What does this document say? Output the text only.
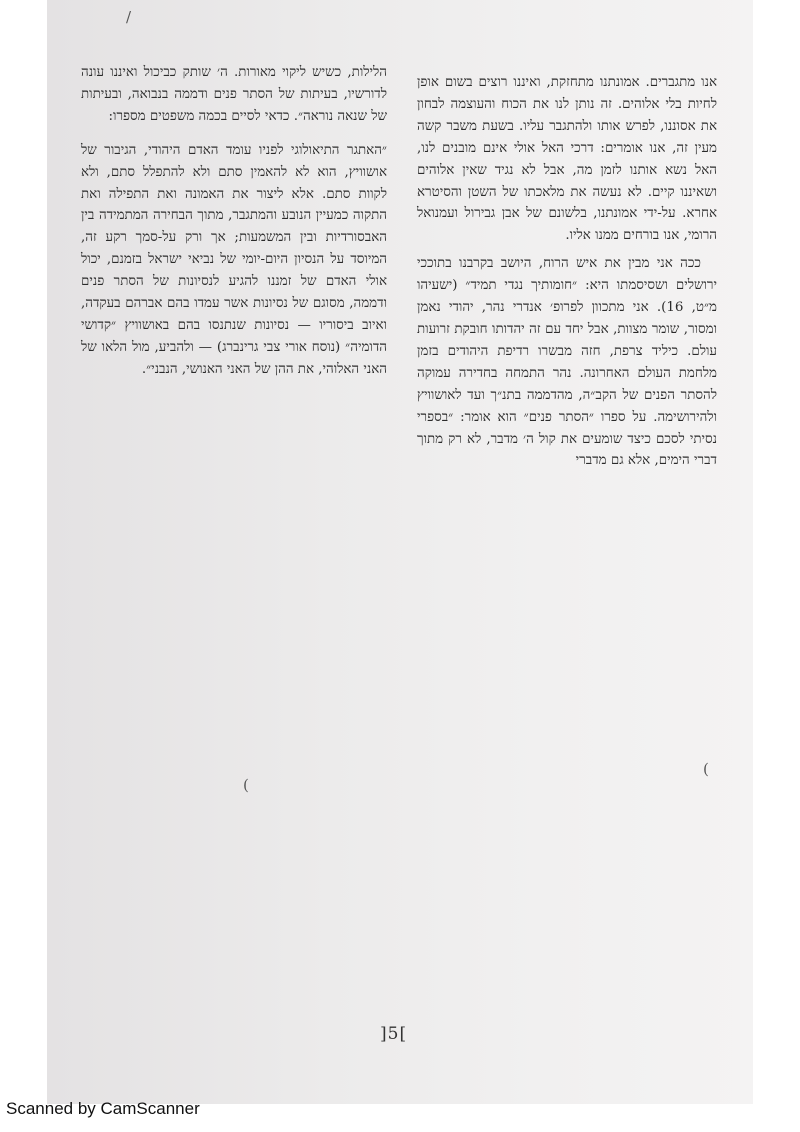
אנו מתגברים. אמונתנו מתחזקת, ואיננו רוצים בשום אופן לחיות בלי אלוהים. זה נותן לנו את הכוח והעוצמה לבחון את אסוננו, לפרש אותו ולהתגבר עליו. בשעת משבר קשה מעין זה, אנו אומרים: דרכי האל אולי אינם מובנים לנו, האל נשא אותנו לזמן מה, אבל לא נגיד שאין אלוהים ושאיננו קיים. לא נעשה את מלאכתו של השטן והסיטרא אחרא. על-ידי אמונתנו, בלשונם של אבן גבירול ועמנואל הרומי, אנו בורחים ממנו אליו.

ככה אני מבין את איש הרוח, היושב בקרבנו בתוככי ירושלים ושסיסמתו היא: ״חומותיך נגדי תמיד״ (ישעיהו מ״ט, 16). אני מתכוון לפרופ׳ אנדרי נהר, יהודי נאמן ומסור, שומר מצוות, אבל יחד עם זה יהדותו חובקת זרועות עולם. כיליד צרפת, חזה מבשרו רדיפת היהודים בזמן מלחמת העולם האחרונה. נהר התמחה בחדירה עמוקה להסתר הפנים של הקב״ה, מהדממה בתנ״ך ועד לאושוויץ ולהירושימה. על ספרו ״הסתר פנים״ הוא אומר: ״בספרי נסיתי לסכם כיצד שומעים את קול ה׳ מדבר, לא רק מתוך דברי הימים, אלא גם מדברי

הלילות, כשיש ליקוי מאורות. ה׳ שותק כביכול ואיננו עונה לדורשיו, בעיתות של הסתר פנים ודממה בנבואה, ובעיתות של שנאה נוראה״. כדאי לסיים בכמה משפטים מספרו:

״האתגר התיאולוגי לפניו עומד האדם היהודי, הגיבור של אושוויץ, הוא לא להאמין סתם ולא להתפלל סתם, ולא לקוות סתם. אלא ליצור את האמונה ואת התפילה ואת התקוה כמעיין הנובע והמתגבר, מתוך הבחירה המתמידה בין האבסורדיות ובין המשמעות; אך ורק על-סמך רקע זה, המיוסד על הנסיון היום-יומי של נביאי ישראל בזמנם, יכול אולי האדם של זמננו להגיע לנסיונות של הסתר פנים ודממה, מסוגם של נסיונות אשר עמדו בהם אברהם בעקדה, ואיוב ביסוריו — נסיונות שנתנסו בהם באושוויץ ״קדושי הדומיה״ (נוסח אורי צבי גרינברג) — ולהביע, מול הלאו של האני האלוהי, את ההן של האני האנושי, הנבני״.

/
(
(
]5[
Scanned by CamScanner
